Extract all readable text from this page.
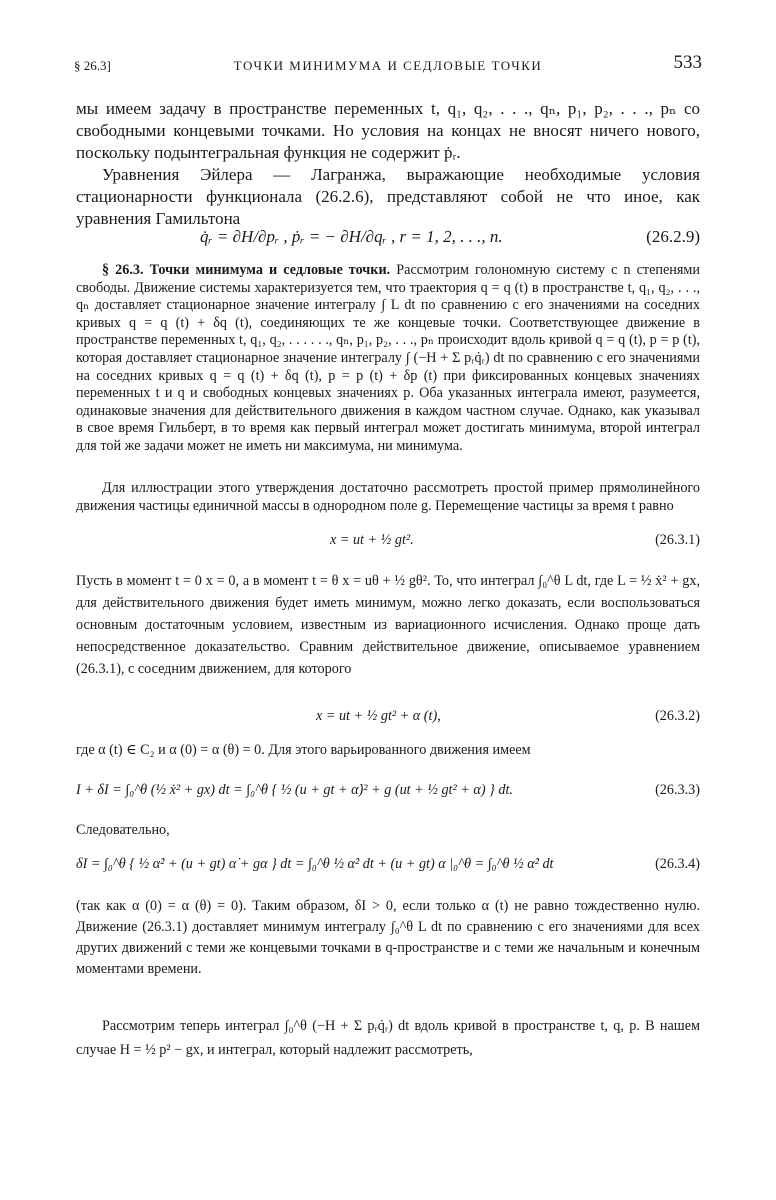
§ 26.3]	ТОЧКИ МИНИМУМА И СЕДЛОВЫЕ ТОЧКИ	533
мы имеем задачу в пространстве переменных t, q₁, q₂, . . ., qₙ, p₁, p₂, . . ., pₙ со свободными концевыми точками. Но условия на концах не вносят ничего нового, поскольку подынтегральная функция не содержит ṗᵣ.
Уравнения Эйлера — Лагранжа, выражающие необходимые условия стационарности функционала (26.2.6), представляют собой не что иное, как уравнения Гамильтона
q̇ᵣ = ∂H/∂pᵣ , ṗᵣ = − ∂H/∂qᵣ , r = 1, 2, . . ., n.	(26.2.9)
§ 26.3. Точки минимума и седловые точки. Рассмотрим голономную систему с n степенями свободы. Движение системы характеризуется тем, что траектория q = q (t) в пространстве t, q₁, q₂, . . ., qₙ доставляет стационарное значение интегралу ∫ L dt по сравнению с его значениями на соседних кривых q = q (t) + δq (t), соединяющих те же концевые точки. Соответствующее движение в пространстве переменных t, q₁, q₂, . . . . . ., qₙ, p₁, p₂, . . ., pₙ происходит вдоль кривой q = q (t), p = p (t), которая доставляет стационарное значение интегралу ∫ (−H + Σ pᵣq̇ᵣ) dt по сравнению с его значениями на соседних кривых q = q (t) + δq (t), p = p (t) + δp (t) при фиксированных концевых значениях переменных t и q и свободных концевых значениях p. Оба указанных интеграла имеют, разумеется, одинаковые значения для действительного движения в каждом частном случае. Однако, как указывал в свое время Гильберт, в то время как первый интеграл может достигать минимума, второй интеграл для той же задачи может не иметь ни максимума, ни минимума.
Для иллюстрации этого утверждения достаточно рассмотреть простой пример прямолинейного движения частицы единичной массы в однородном поле g. Перемещение частицы за время t равно
x = ut + ½ gt².	(26.3.1)
Пусть в момент t = 0 x = 0, а в момент t = θ x = uθ + ½ gθ². То, что интеграл ∫₀^θ L dt, где L = ½ ẋ² + gx, для действительного движения будет иметь минимум, можно легко доказать, если воспользоваться основным достаточным условием, известным из вариационного исчисления. Однако проще дать непосредственное доказательство. Сравним действительное движение, описываемое уравнением (26.3.1), с соседним движением, для которого
x = ut + ½ gt² + α (t),	(26.3.2)
где α (t) ∈ C₂ и α (0) = α (θ) = 0. Для этого варьированного движения имеем
I + δI = ∫₀^θ (½ ẋ² + gx) dt = ∫₀^θ { ½ (u + gt + α̇)² + g (ut + ½ gt² + α) } dt.	(26.3.3)
Следовательно,
δI = ∫₀^θ { ½ α̇² + (u + gt) α̇ + gα } dt = ∫₀^θ ½ α̇² dt + (u + gt) α |₀^θ = ∫₀^θ ½ α̇² dt	(26.3.4)
(так как α (0) = α (θ) = 0). Таким образом, δI > 0, если только α (t) не равно тождественно нулю. Движение (26.3.1) доставляет минимум интегралу ∫₀^θ L dt по сравнению с его значениями для всех других движений с теми же концевыми точками в q-пространстве и с теми же начальным и конечным моментами времени.
Рассмотрим теперь интеграл ∫₀^θ (−H + Σ pᵣq̇ᵣ) dt вдоль кривой в пространстве t, q, p. В нашем случае H = ½ p² − gx, и интеграл, который надлежит рассмотреть,
